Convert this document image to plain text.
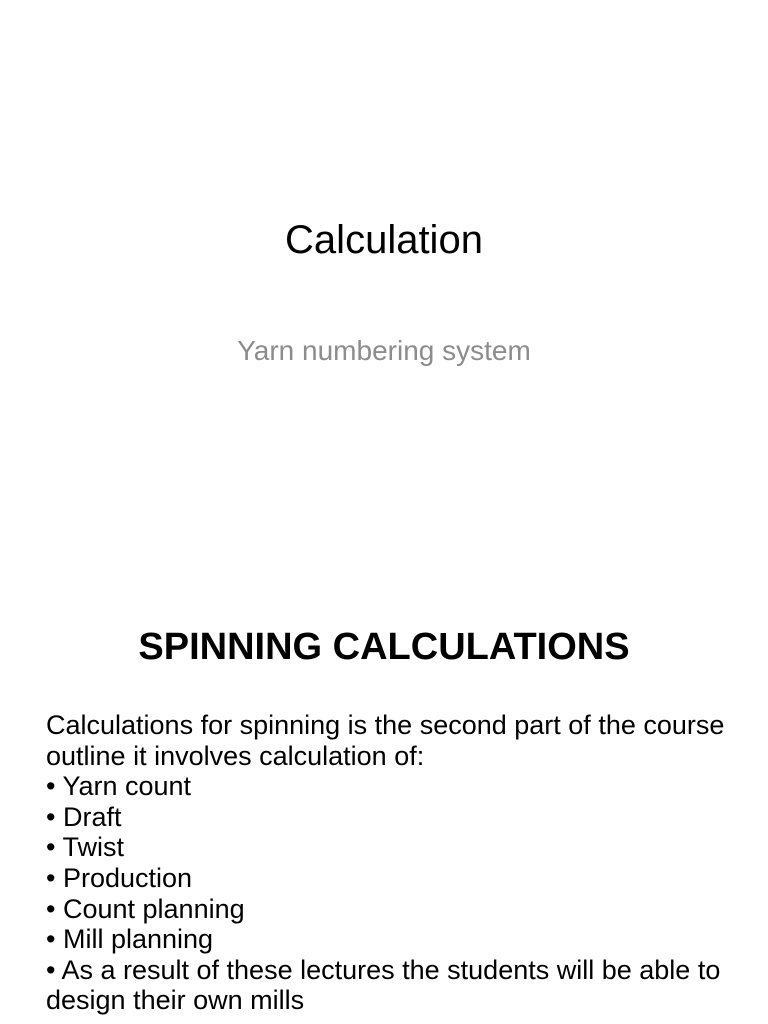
Calculation

Yarn numbering system

SPINNING CALCULATIONS

Calculations for spinning is the second part of the course outline it involves calculation of:

• Yarn count
• Draft
• Twist
• Production
• Count planning
• Mill planning
• As a result of these lectures the students will be able to design their own mills
